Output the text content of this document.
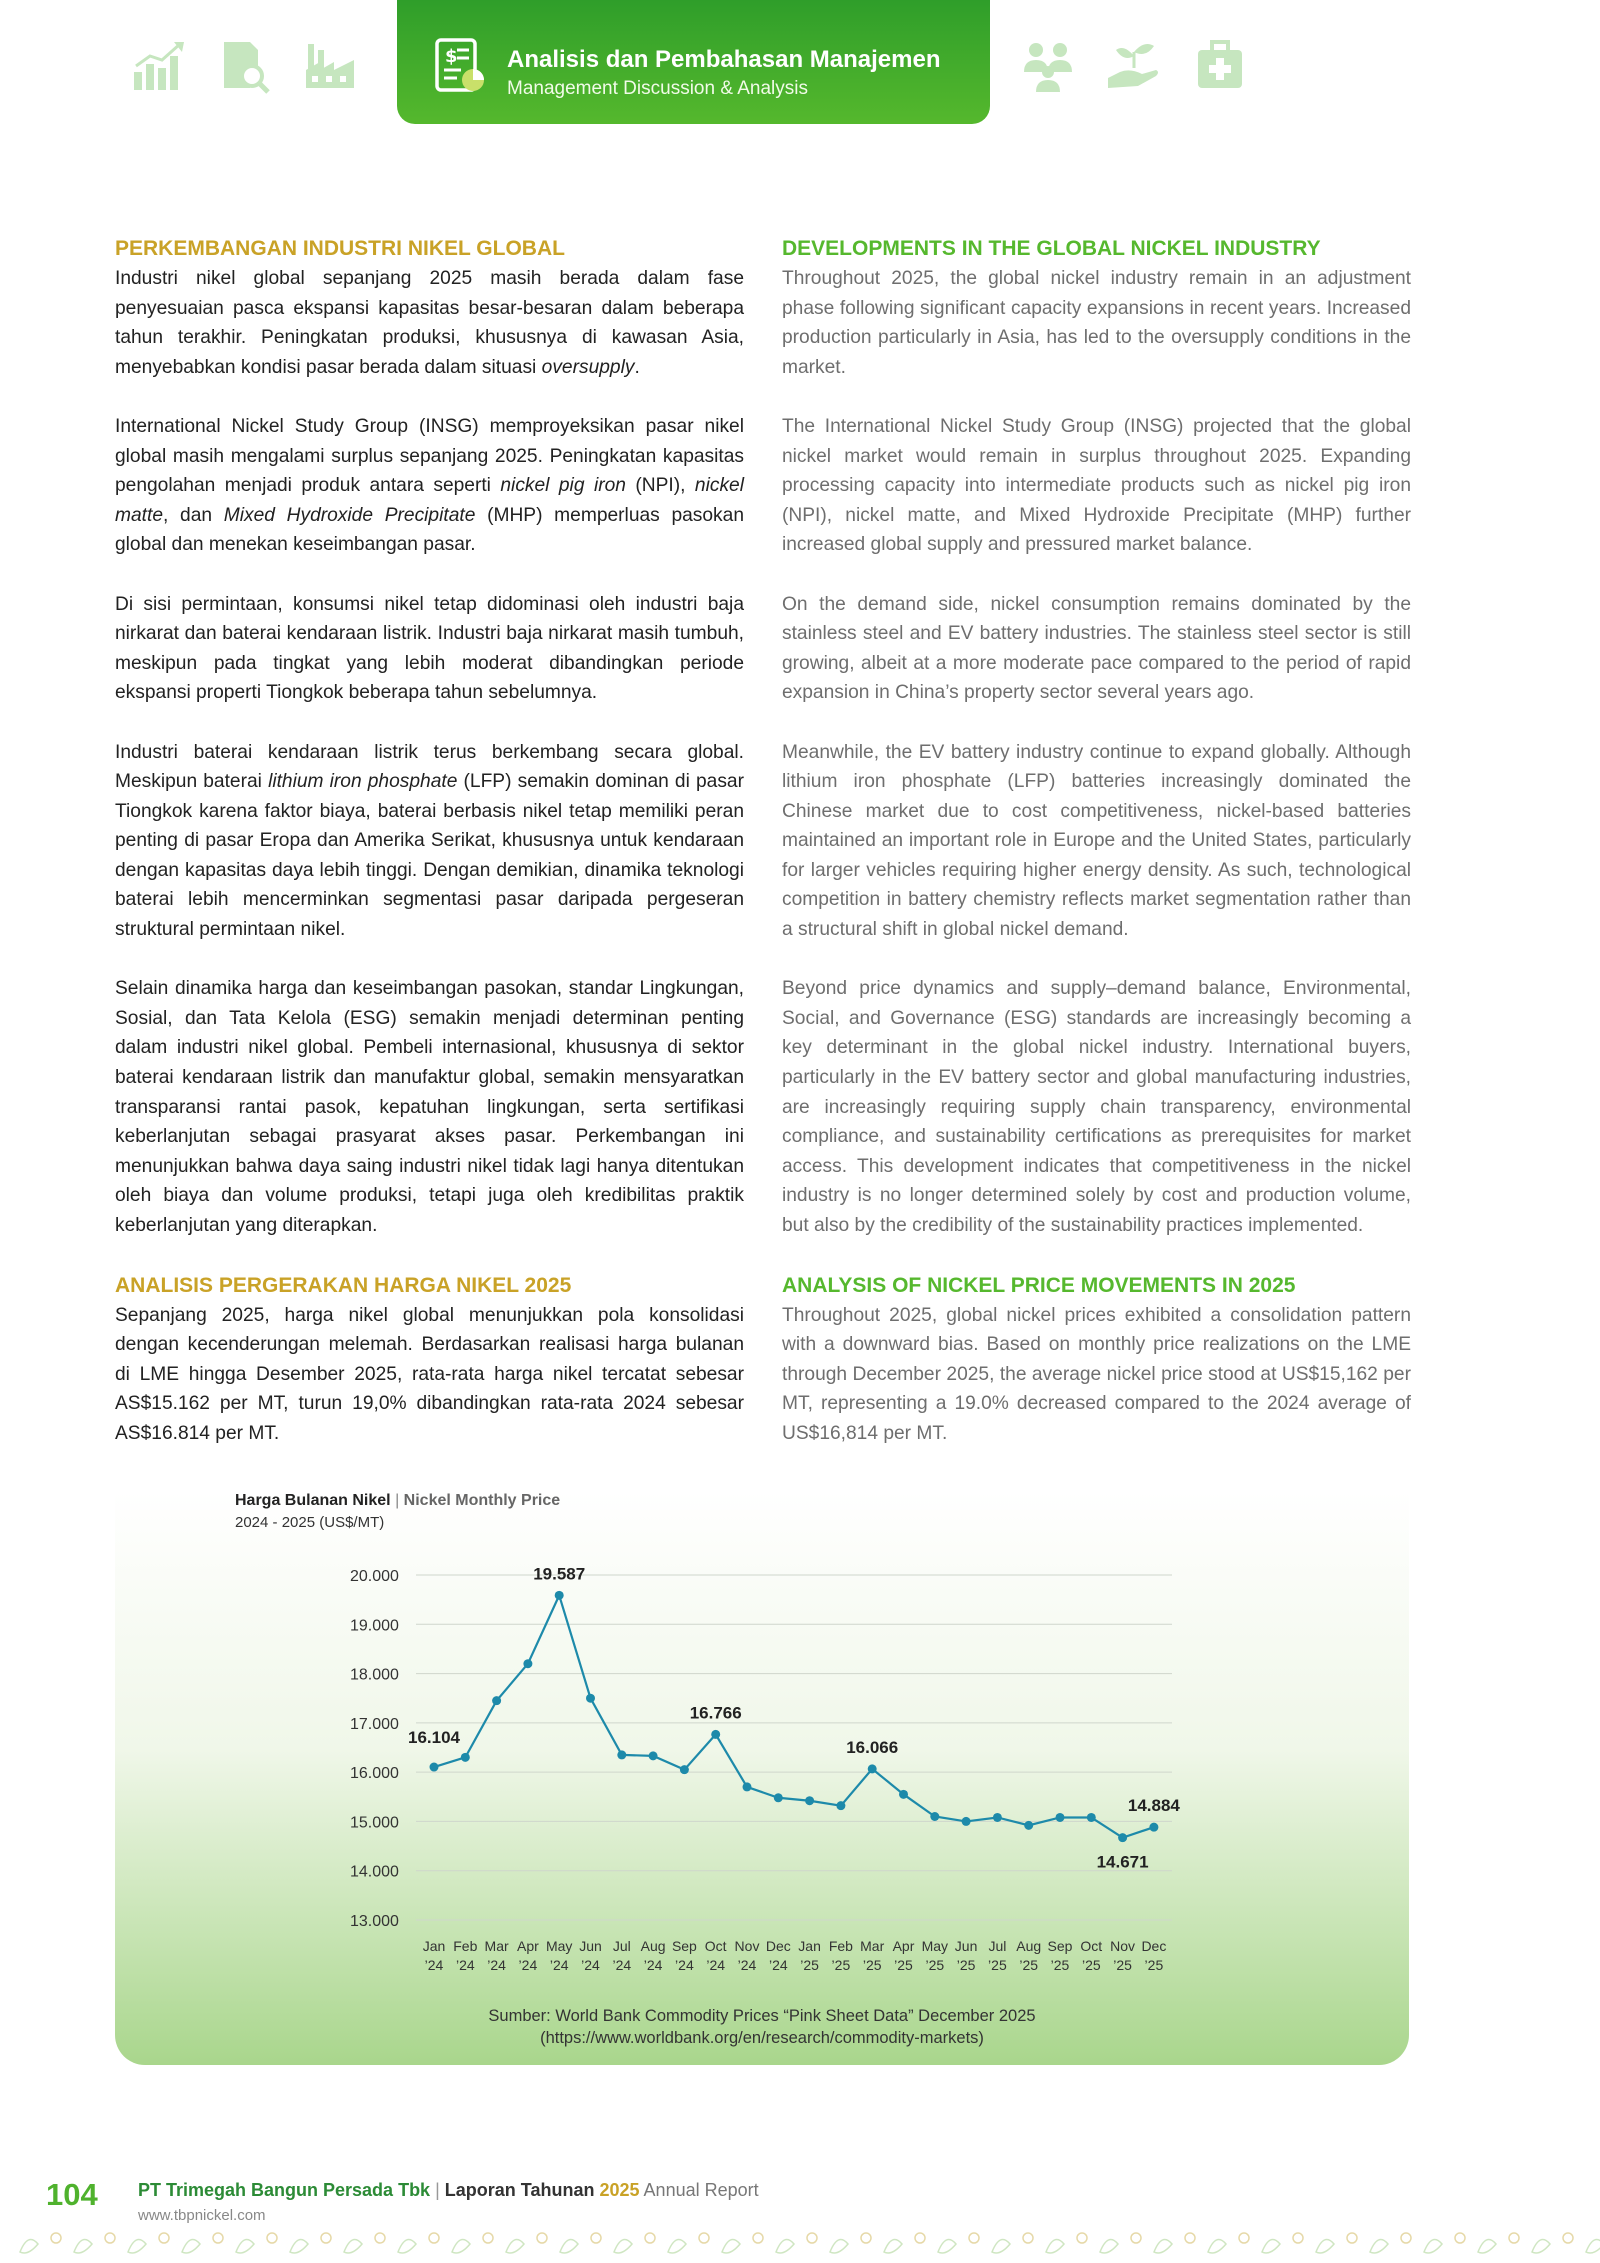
$ Analisis dan Pembahasan Manajemen
Management Discussion & Analysis
PERKEMBANGAN INDUSTRI NIKEL GLOBAL

Industri nikel global sepanjang 2025 masih berada dalam fase penyesuaian pasca ekspansi kapasitas besar-besaran dalam beberapa tahun terakhir. Peningkatan produksi, khususnya di kawasan Asia, menyebabkan kondisi pasar berada dalam situasi oversupply.

International Nickel Study Group (INSG) memproyeksikan pasar nikel global masih mengalami surplus sepanjang 2025. Peningkatan kapasitas pengolahan menjadi produk antara seperti nickel pig iron (NPI), nickel matte, dan Mixed Hydroxide Precipitate (MHP) memperluas pasokan global dan menekan keseimbangan pasar.

Di sisi permintaan, konsumsi nikel tetap didominasi oleh industri baja nirkarat dan baterai kendaraan listrik. Industri baja nirkarat masih tumbuh, meskipun pada tingkat yang lebih moderat dibandingkan periode ekspansi properti Tiongkok beberapa tahun sebelumnya.

Industri baterai kendaraan listrik terus berkembang secara global. Meskipun baterai lithium iron phosphate (LFP) semakin dominan di pasar Tiongkok karena faktor biaya, baterai berbasis nikel tetap memiliki peran penting di pasar Eropa dan Amerika Serikat, khususnya untuk kendaraan dengan kapasitas daya lebih tinggi. Dengan demikian, dinamika teknologi baterai lebih mencerminkan segmentasi pasar daripada pergeseran struktural permintaan nikel.

Selain dinamika harga dan keseimbangan pasokan, standar Lingkungan, Sosial, dan Tata Kelola (ESG) semakin menjadi determinan penting dalam industri nikel global. Pembeli internasional, khususnya di sektor baterai kendaraan listrik dan manufaktur global, semakin mensyaratkan transparansi rantai pasok, kepatuhan lingkungan, serta sertifikasi keberlanjutan sebagai prasyarat akses pasar. Perkembangan ini menunjukkan bahwa daya saing industri nikel tidak lagi hanya ditentukan oleh biaya dan volume produksi, tetapi juga oleh kredibilitas praktik keberlanjutan yang diterapkan.

ANALISIS PERGERAKAN HARGA NIKEL 2025

Sepanjang 2025, harga nikel global menunjukkan pola konsolidasi dengan kecenderungan melemah. Berdasarkan realisasi harga bulanan di LME hingga Desember 2025, rata-rata harga nikel tercatat sebesar AS$15.162 per MT, turun 19,0% dibandingkan rata-rata 2024 sebesar AS$16.814 per MT.

DEVELOPMENTS IN THE GLOBAL NICKEL INDUSTRY

Throughout 2025, the global nickel industry remain in an adjustment phase following significant capacity expansions in recent years. Increased production particularly in Asia, has led to the oversupply conditions in the market.

The International Nickel Study Group (INSG) projected that the global nickel market would remain in surplus throughout 2025. Expanding processing capacity into intermediate products such as nickel pig iron (NPI), nickel matte, and Mixed Hydroxide Precipitate (MHP) further increased global supply and pressured market balance.

On the demand side, nickel consumption remains dominated by the stainless steel and EV battery industries. The stainless steel sector is still growing, albeit at a more moderate pace compared to the period of rapid expansion in China’s property sector several years ago.

Meanwhile, the EV battery industry continue to expand globally. Although lithium iron phosphate (LFP) batteries increasingly dominated the Chinese market due to cost competitiveness, nickel-based batteries maintained an important role in Europe and the United States, particularly for larger vehicles requiring higher energy density. As such, technological competition in battery chemistry reflects market segmentation rather than a structural shift in global nickel demand.

Beyond price dynamics and supply–demand balance, Environmental, Social, and Governance (ESG) standards are increasingly becoming a key determinant in the global nickel industry. International buyers, particularly in the EV battery sector and global manufacturing industries, are increasingly requiring supply chain transparency, environmental compliance, and sustainability certifications as prerequisites for market access. This development indicates that competitiveness in the nickel industry is no longer determined solely by cost and production volume, but also by the credibility of the sustainability practices implemented.

ANALYSIS OF NICKEL PRICE MOVEMENTS IN 2025

Throughout 2025, global nickel prices exhibited a consolidation pattern with a downward bias. Based on monthly price realizations on the LME through December 2025, the average nickel price stood at US$15,162 per MT, representing a 19.0% decreased compared to the 2024 average of US$16,814 per MT.

Harga Bulanan Nikel | Nickel Monthly Price
2024 - 2025 (US$/MT)
13.000
14.000
15.000
16.000
17.000
18.000
19.000
20.000
Jan
’24
Feb
’24
Mar
’24
Apr
’24
May
’24
Jun
’24
Jul
’24
Aug
’24
Sep
’24
Oct
’24
Nov
’24
Dec
’24
Jan
’25
Feb
’25
Mar
’25
Apr
’25
May
’25
Jun
’25
Jul
’25
Aug
’25
Sep
’25
Oct
’25
Nov
’25
Dec
’25
16.104
19.587
16.766
16.066
14.671
14.884
Sumber: World Bank Commodity Prices “Pink Sheet Data” December 2025
(https://www.worldbank.org/en/research/commodity-markets)
104 PT Trimegah Bangun Persada Tbk | Laporan Tahunan 2025 Annual Report
www.tbpnickel.com
